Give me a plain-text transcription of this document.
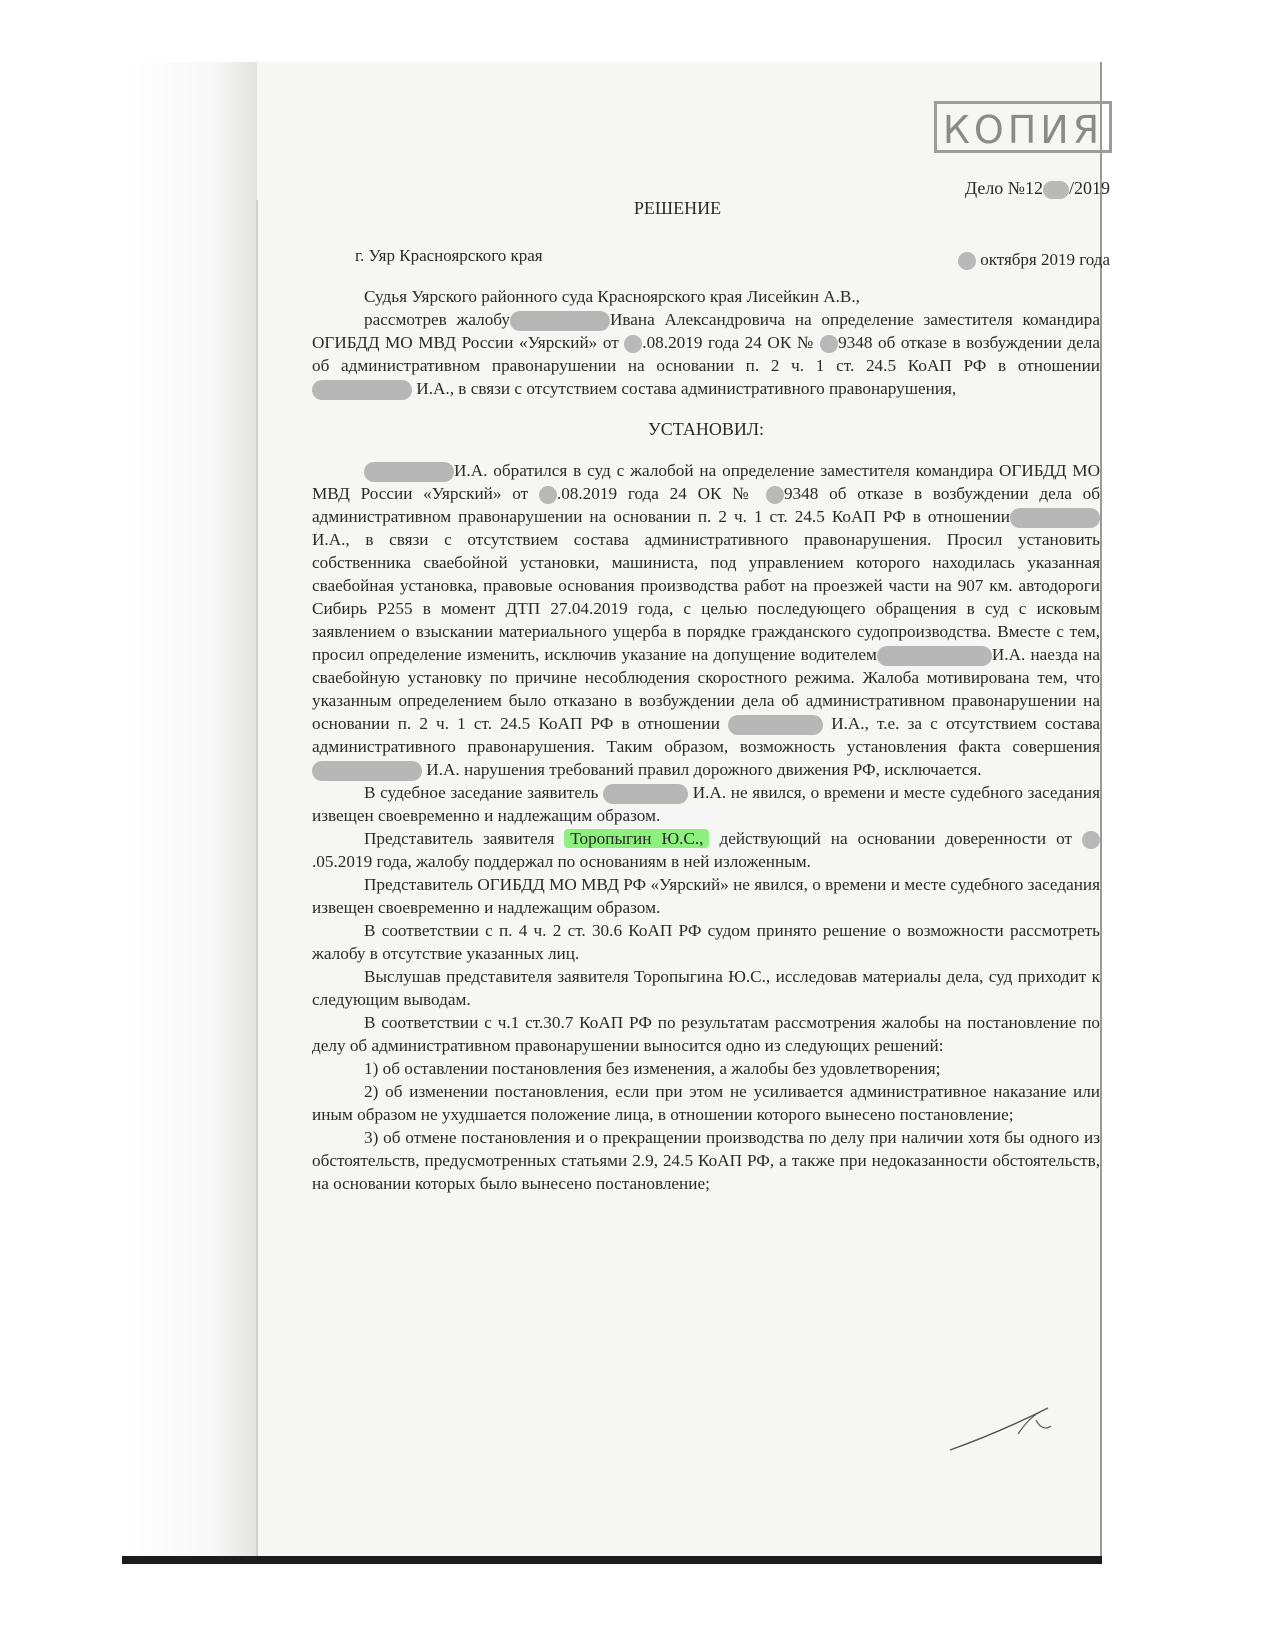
КОПИЯ
Дело №12 /2019
РЕШЕНИЕ
г. Уяр Красноярского края	октября 2019 года

Судья Уярского районного суда Красноярского края Лисейкин А.В.,

рассмотрев жалобу	Ивана Александровича на определение заместителя командира ОГИБДД МО МВД России «Уярский» от .08.2019 года 24 ОК № 9348 об отказе в возбуждении дела об административном правонарушении на основании п. 2 ч. 1 ст. 24.5 КоАП РФ в отношении  И.А., в связи с отсутствием состава административного правонарушения,

УСТАНОВИЛ:

И.А. обратился в суд с жалобой на определение заместителя командира ОГИБДД МО МВД России «Уярский» от .08.2019 года 24 ОК № 9348 об отказе в возбуждении дела об административном правонарушении на основании п. 2 ч. 1 ст. 24.5 КоАП РФ в отношенииИ.А., в связи с отсутствием состава административного правонарушения. Просил установить собственника сваебойной установки, машиниста, под управлением которого находилась указанная сваебойная установка, правовые основания производства работ на проезжей части на 907 км. автодороги Сибирь Р255 в момент ДТП 27.04.2019 года, с целью последующего обращения в суд с исковым заявлением о взыскании материального ущерба в порядке гражданского судопроизводства. Вместе с тем, просил определение изменить, исключив указание на допущение водителем	И.А. наезда на сваебойную установку по причине несоблюдения скоростного режима. Жалоба мотивирована тем, что указанным определением было отказано в возбуждении дела об административном правонарушении на основании п. 2 ч. 1 ст. 24.5 КоАП РФ в отношении	И.А., т.е. за с отсутствием состава административного правонарушения. Таким образом, возможность установления факта совершения  И.А. нарушения требований правил дорожного движения РФ, исключается.

В судебное заседание заявитель	И.А. не явился, о времени и месте судебного заседания извещен своевременно и надлежащим образом.

Представитель заявителя Торопыгин Ю.С., действующий на основании доверенности от .05.2019 года, жалобу поддержал по основаниям в ней изложенным.

Представитель ОГИБДД МО МВД РФ «Уярский» не явился, о времени и месте судебного заседания извещен своевременно и надлежащим образом.

В соответствии с п. 4 ч. 2 ст. 30.6 КоАП РФ судом принято решение о возможности рассмотреть жалобу в отсутствие указанных лиц.

Выслушав представителя заявителя Торопыгина Ю.С., исследовав материалы дела, суд приходит к следующим выводам.

В соответствии с ч.1 ст.30.7 КоАП РФ по результатам рассмотрения жалобы на постановление по делу об административном правонарушении выносится одно из следующих решений:

1) об оставлении постановления без изменения, а жалобы без удовлетворения;

2) об изменении постановления, если при этом не усиливается административное наказание или иным образом не ухудшается положение лица, в отношении которого вынесено постановление;

3) об отмене постановления и о прекращении производства по делу при наличии хотя бы одного из обстоятельств, предусмотренных статьями 2.9, 24.5 КоАП РФ, а также при недоказанности обстоятельств, на основании которых было вынесено постановление;
